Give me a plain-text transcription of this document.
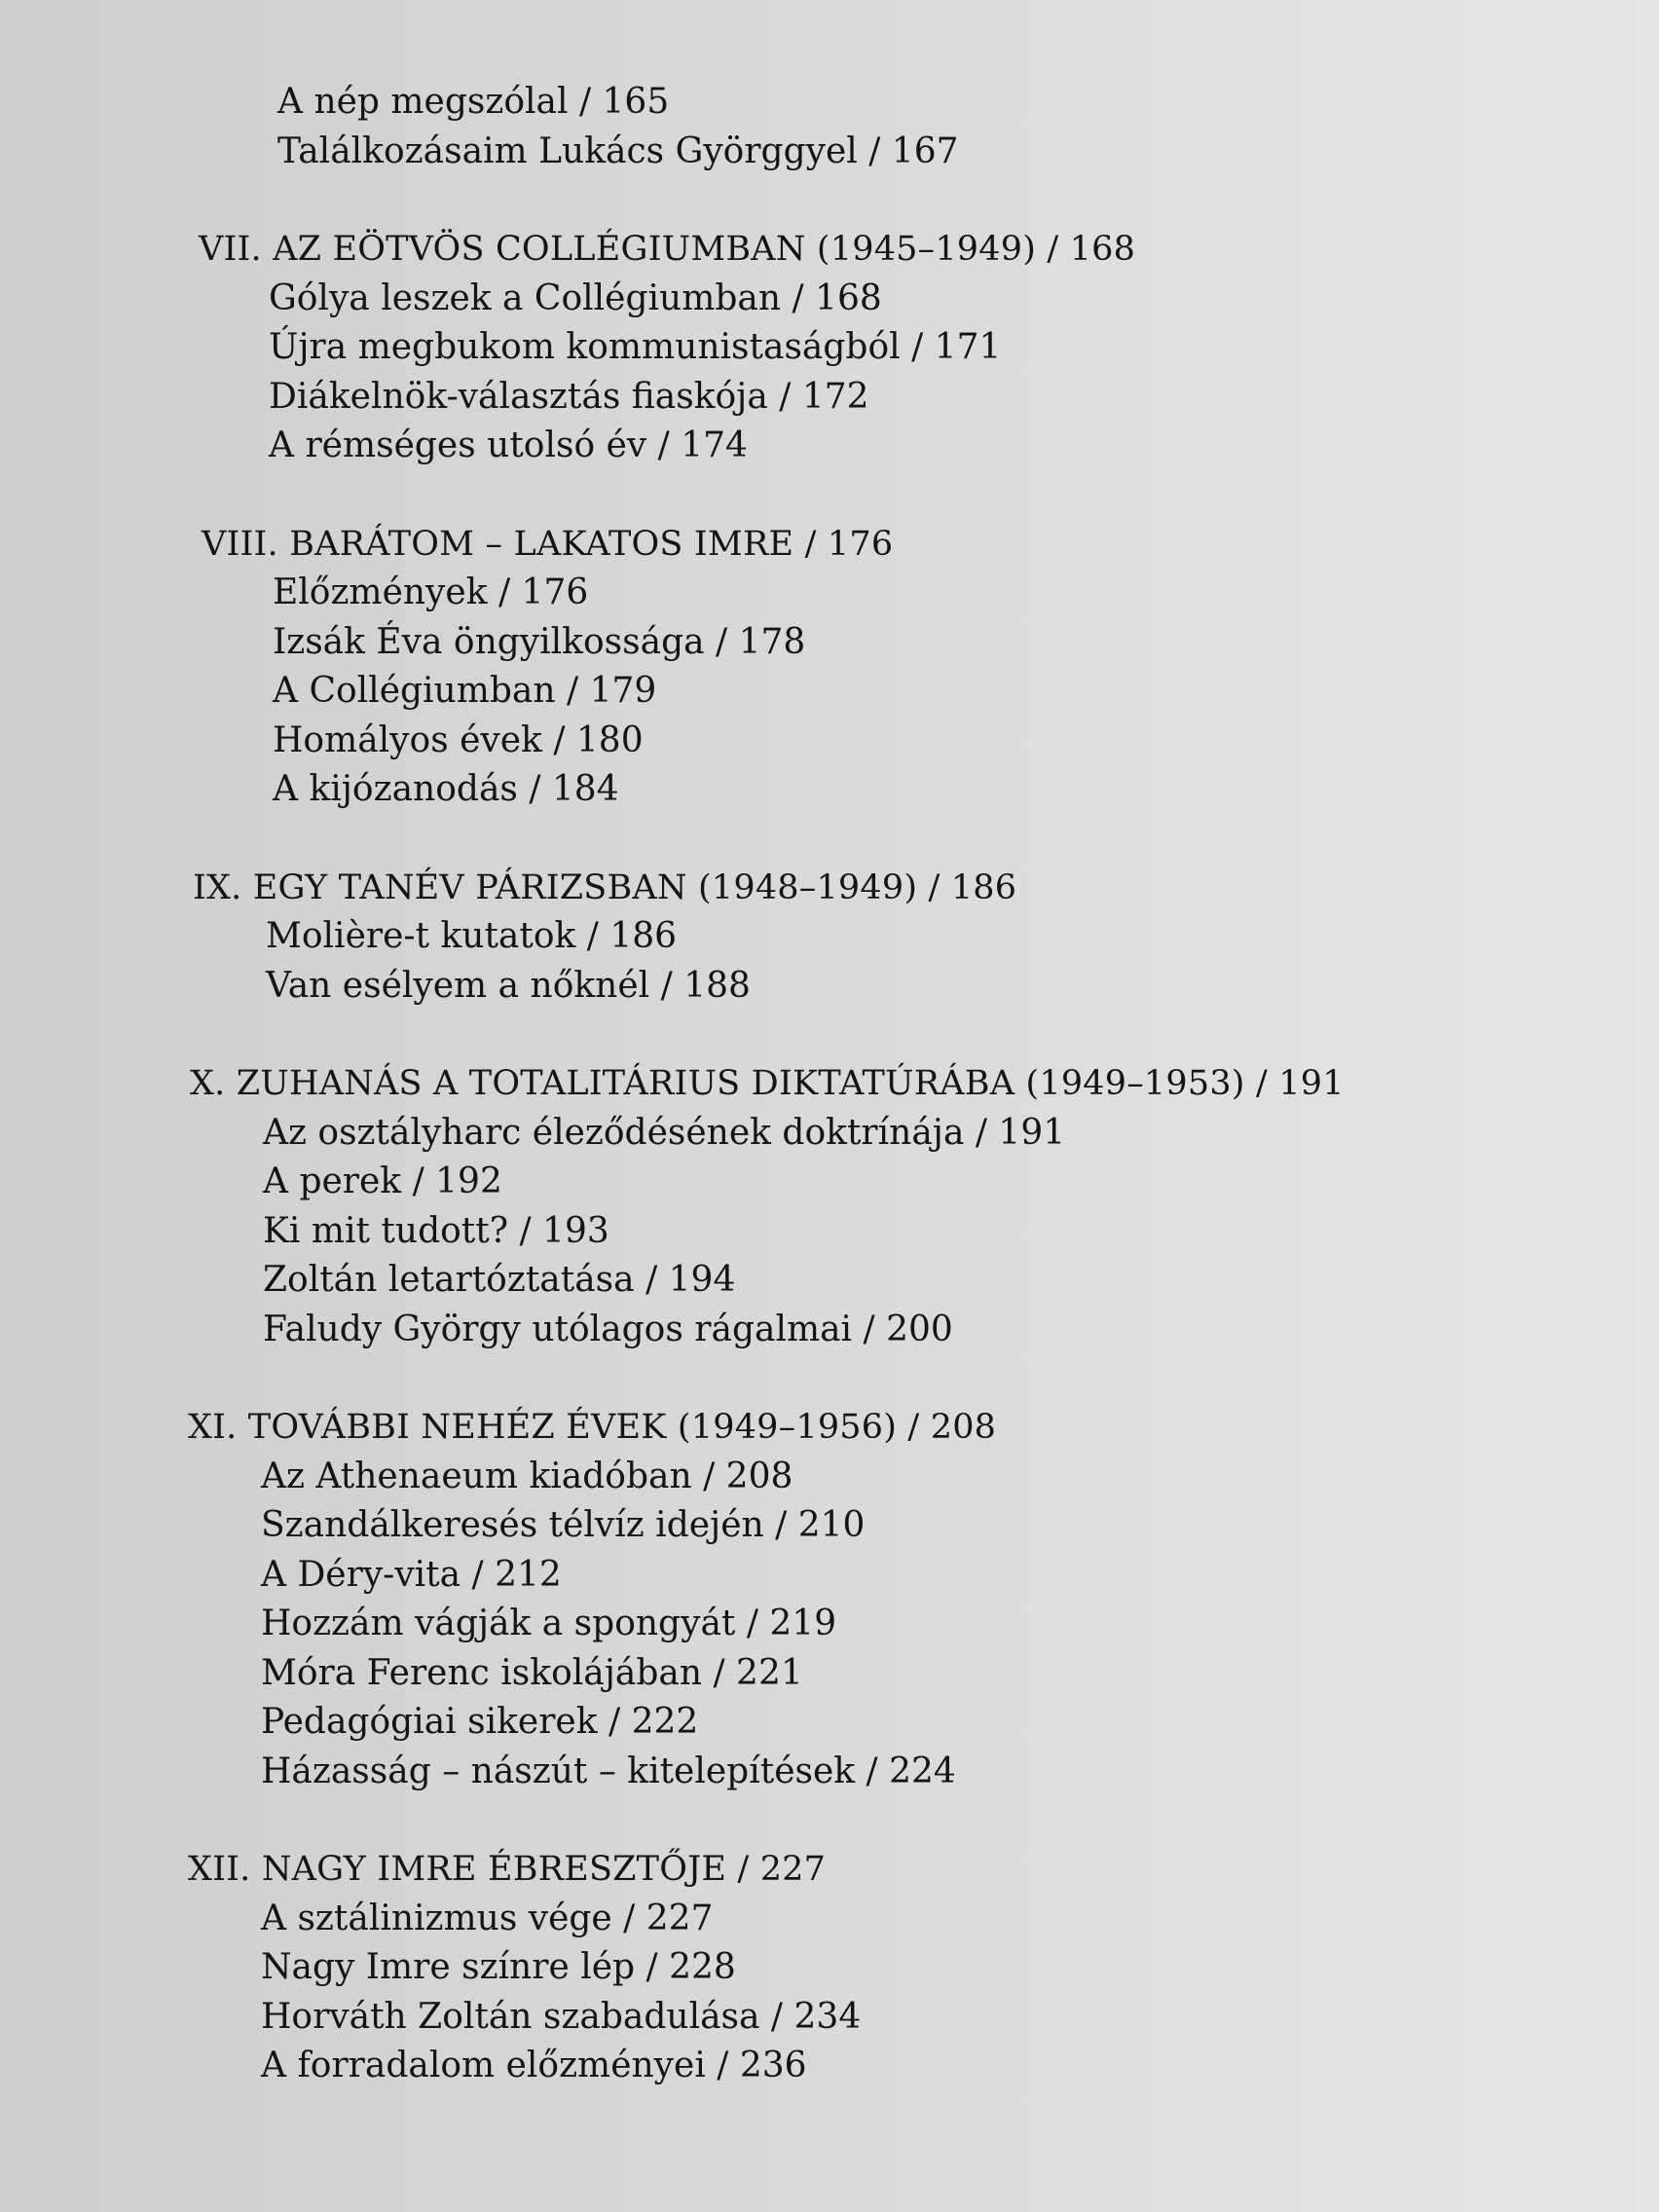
A nép megszólal / 165
Találkozásaim Lukács Györggyel / 167
VII. AZ EÖTVÖS COLLÉGIUMBAN (1945–1949) / 168
Gólya leszek a Collégiumban / 168
Újra megbukom kommunistaságból / 171
Diákelnök-választás fiaskója / 172
A rémséges utolsó év / 174
VIII. BARÁTOM – LAKATOS IMRE / 176
Előzmények / 176
Izsák Éva öngyilkossága / 178
A Collégiumban / 179
Homályos évek / 180
A kijózanodás / 184
IX. EGY TANÉV PÁRIZSBAN (1948–1949) / 186
Molière-t kutatok / 186
Van esélyem a nőknél / 188
X. ZUHANÁS A TOTALITÁRIUS DIKTATÚRÁBA (1949–1953) / 191
Az osztályharc éleződésének doktrínája / 191
A perek / 192
Ki mit tudott? / 193
Zoltán letartóztatása / 194
Faludy György utólagos rágalmai / 200
XI. TOVÁBBI NEHÉZ ÉVEK (1949–1956) / 208
Az Athenaeum kiadóban / 208
Szandálkeresés télvíz idején / 210
A Déry-vita / 212
Hozzám vágják a spongyát / 219
Móra Ferenc iskolájában / 221
Pedagógiai sikerek / 222
Házasság – nászút – kitelepítések / 224
XII. NAGY IMRE ÉBRESZTŐJE / 227
A sztálinizmus vége / 227
Nagy Imre színre lép / 228
Horváth Zoltán szabadulása / 234
A forradalom előzményei / 236
